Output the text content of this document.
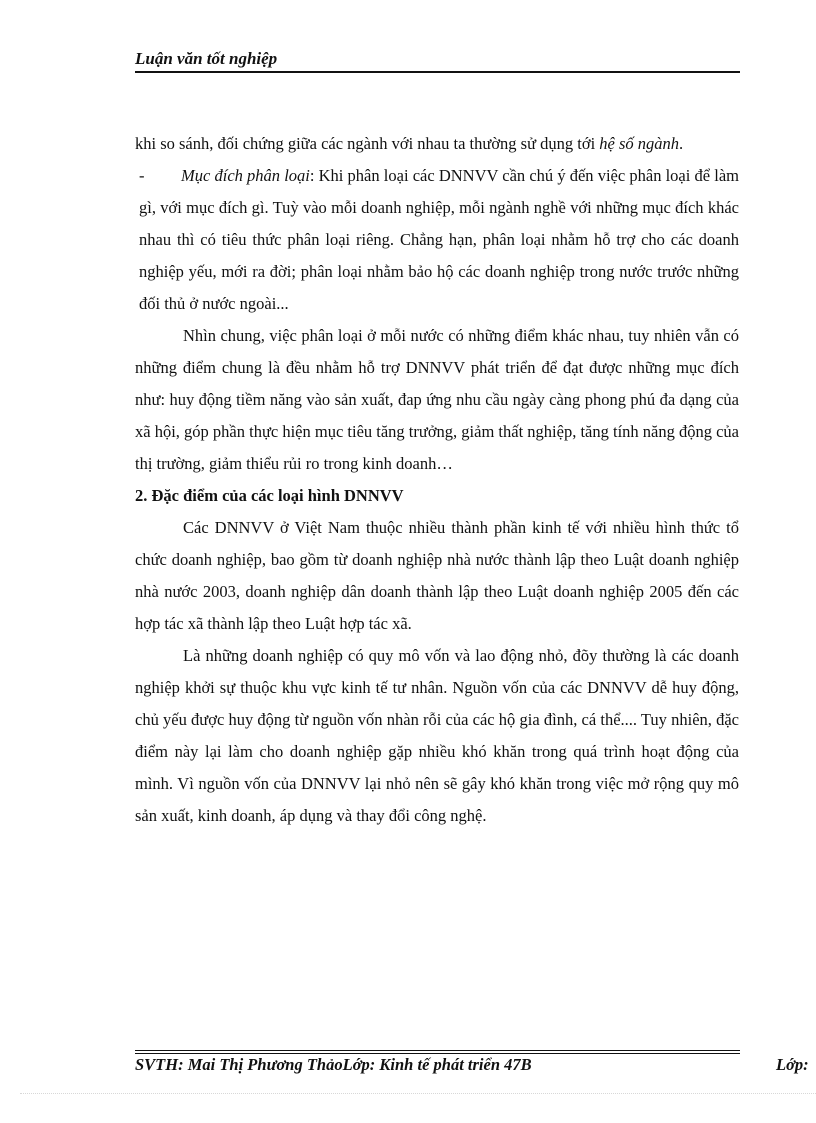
Luận văn tốt nghiệp

khi so sánh, đối chứng giữa các ngành với nhau ta thường sử dụng tới hệ số ngành.

- Mục đích phân loại: Khi phân loại các DNNVV cần chú ý đến việc phân loại để làm gì, với mục đích gì. Tuỳ vào mỗi doanh nghiệp, mỗi ngành nghề với những mục đích khác nhau thì có tiêu thức phân loại riêng. Chẳng hạn, phân loại nhằm hỗ trợ cho các doanh nghiệp yếu, mới ra đời; phân loại nhằm bảo hộ các doanh nghiệp trong nước trước những đối thủ ở nước ngoài...

Nhìn chung, việc phân loại ở mỗi nước có những điểm khác nhau, tuy nhiên vẫn có những điểm chung là đều nhằm hỗ trợ DNNVV phát triển để đạt được những mục đích như: huy động tiềm năng vào sản xuất, đap ứng nhu cầu ngày càng phong phú đa dạng của xã hội, góp phần thực hiện mục tiêu tăng trưởng, giảm thất nghiệp, tăng tính năng động của thị trường, giảm thiểu rủi ro trong kinh doanh…

2. Đặc điểm của các loại hình DNNVV

Các DNNVV ở Việt Nam thuộc nhiều thành phần kinh tế với nhiều hình thức tổ chức doanh nghiệp, bao gồm từ doanh nghiệp nhà nước thành lập theo Luật doanh nghiệp nhà nước 2003, doanh nghiệp dân doanh thành lập theo Luật doanh nghiệp 2005 đến các hợp tác xã thành lập theo Luật hợp tác xã.

Là những doanh nghiệp có quy mô vốn và lao động nhỏ, đõy thường là các doanh nghiệp khởi sự thuộc khu vực kinh tế tư nhân. Nguồn vốn của các DNNVV dễ huy động, chủ yếu được huy động từ nguồn vốn nhàn rỗi của các hộ gia đình, cá thể.... Tuy nhiên, đặc điểm này lại làm cho doanh nghiệp gặp nhiều khó khăn trong quá trình hoạt động của mình. Vì nguồn vốn của DNNVV lại nhỏ nên sẽ gây khó khăn trong việc mở rộng quy mô sản xuất, kinh doanh, áp dụng và thay đổi công nghệ.

SVTH: Mai Thị Phương ThảoLớp: Kinh tế phát triển 47B	Lớp:
